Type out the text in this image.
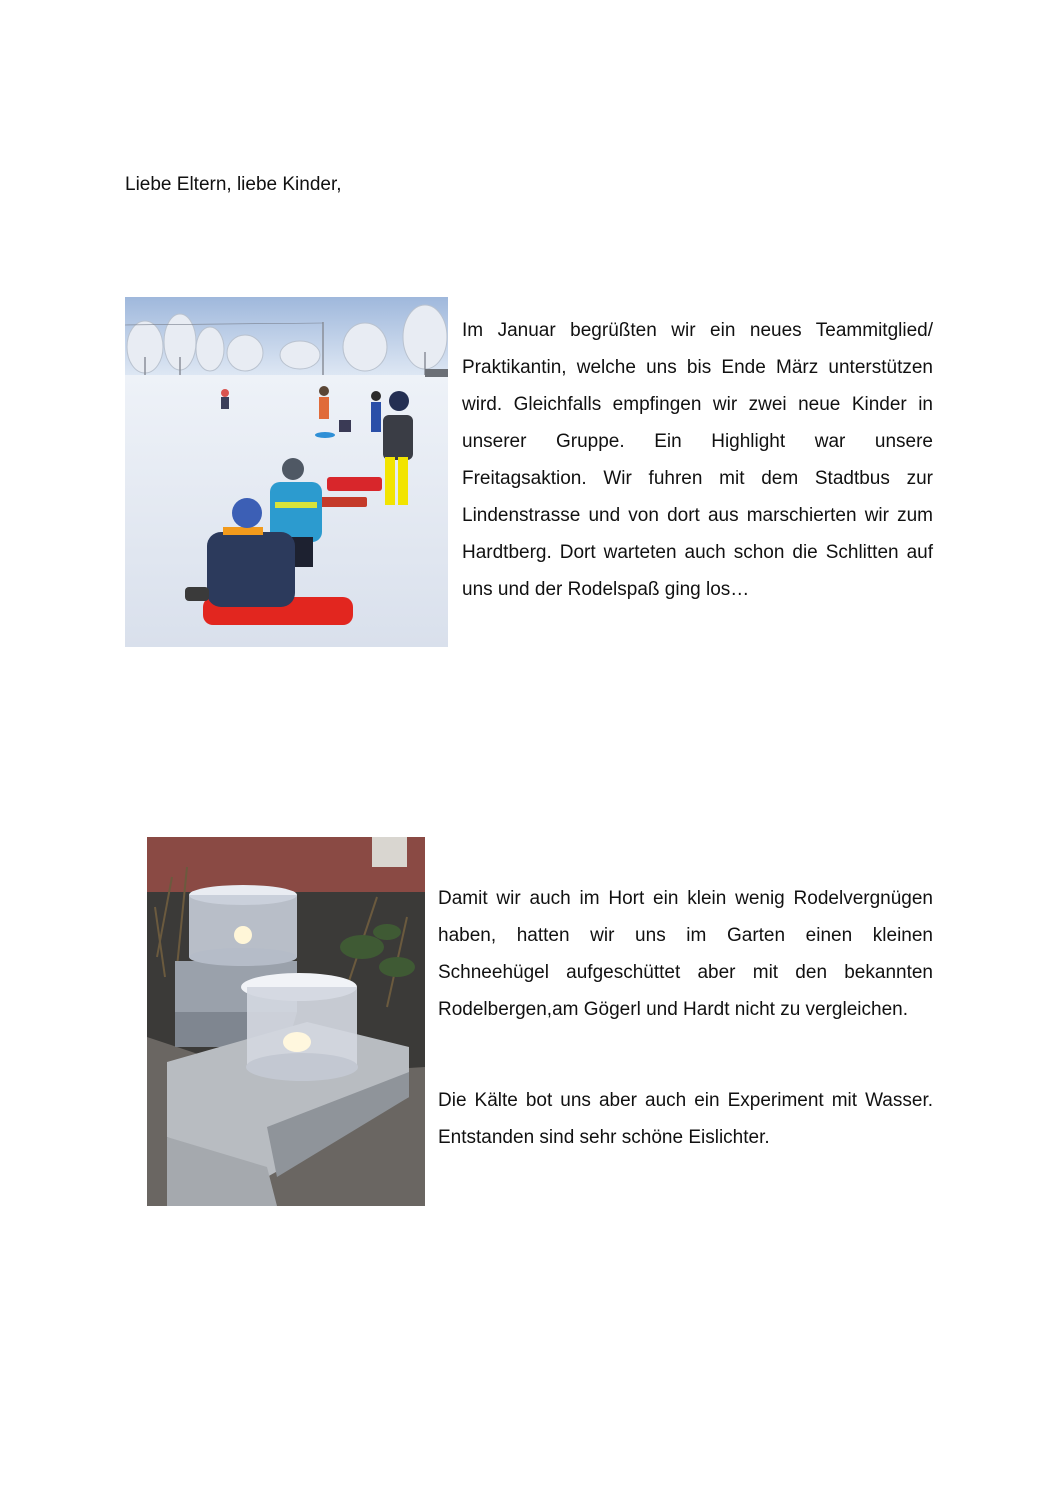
Liebe Eltern, liebe Kinder,

Im Januar begrüßten wir ein neues Teammitglied/ Praktikantin, welche uns bis Ende März unterstützen wird. Gleichfalls empfingen wir zwei neue Kinder in unserer Gruppe. Ein Highlight war unsere Freitagsaktion. Wir fuhren mit dem Stadtbus zur Lindenstrasse und von dort aus marschierten wir zum Hardtberg. Dort warteten auch schon die Schlitten auf uns und der Rodelspaß ging los…

Damit wir auch im Hort ein klein wenig Rodelvergnügen haben, hatten wir uns im Garten einen kleinen Schneehügel aufgeschüttet aber mit den bekannten Rodelbergen,am Gögerl und Hardt nicht zu vergleichen.

Die Kälte bot uns aber auch ein Experiment mit Wasser. Entstanden sind sehr schöne Eislichter.
